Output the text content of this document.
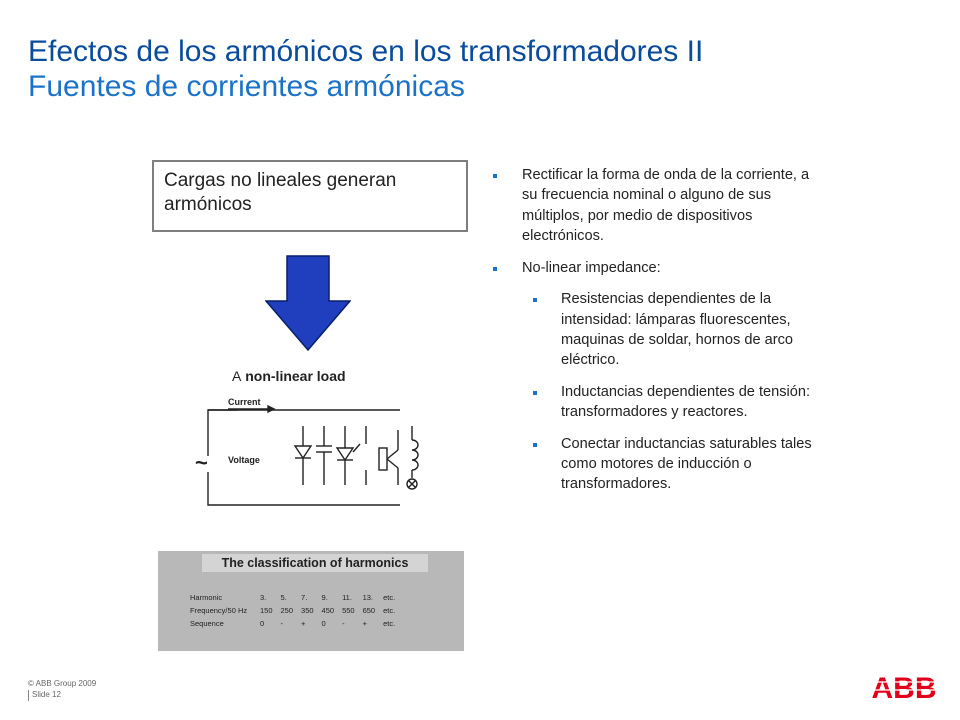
Efectos de los armónicos en los transformadores II
Fuentes de corrientes armónicas
Cargas no lineales generan armónicos
A non-linear load
Current
~ Voltage
The classification of harmonics
Harmonic	3.	5.	7.	9.	11.	13.	etc.
Frequency/50 Hz	150	250	350	450	550	650	etc.
Sequence	0	-	+	0	-	+	etc.
Rectificar la forma de onda de la corriente, a su frecuencia nominal o alguno de sus múltiplos, por medio de dispositivos electrónicos.
No-linear impedance:
Resistencias dependientes de la intensidad: lámparas fluorescentes, maquinas de soldar, hornos de arco eléctrico.
Inductancias dependientes de tensión: transformadores y reactores.
Conectar inductancias saturables tales como motores de inducción o transformadores.
© ABB Group 2009
Slide 12	ABB
